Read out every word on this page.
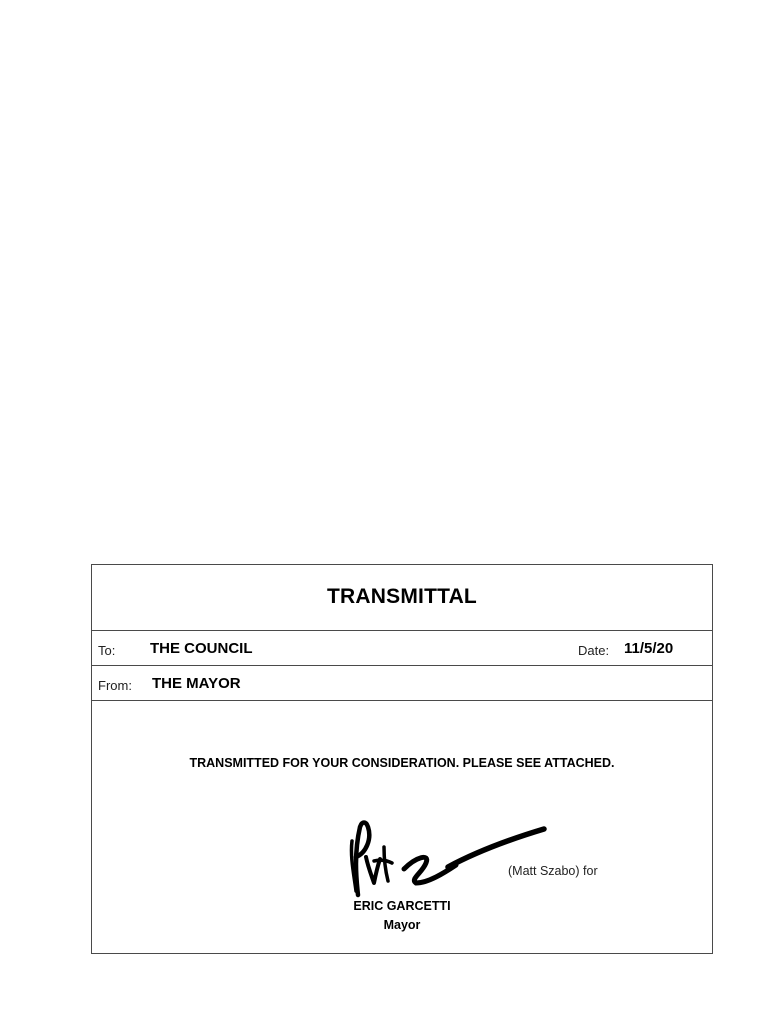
TRANSMITTAL
To: THE COUNCIL	Date: 11/5/20
From: THE MAYOR
TRANSMITTED FOR YOUR CONSIDERATION. PLEASE SEE ATTACHED.
(Matt Szabo) for
ERIC GARCETTI
Mayor
